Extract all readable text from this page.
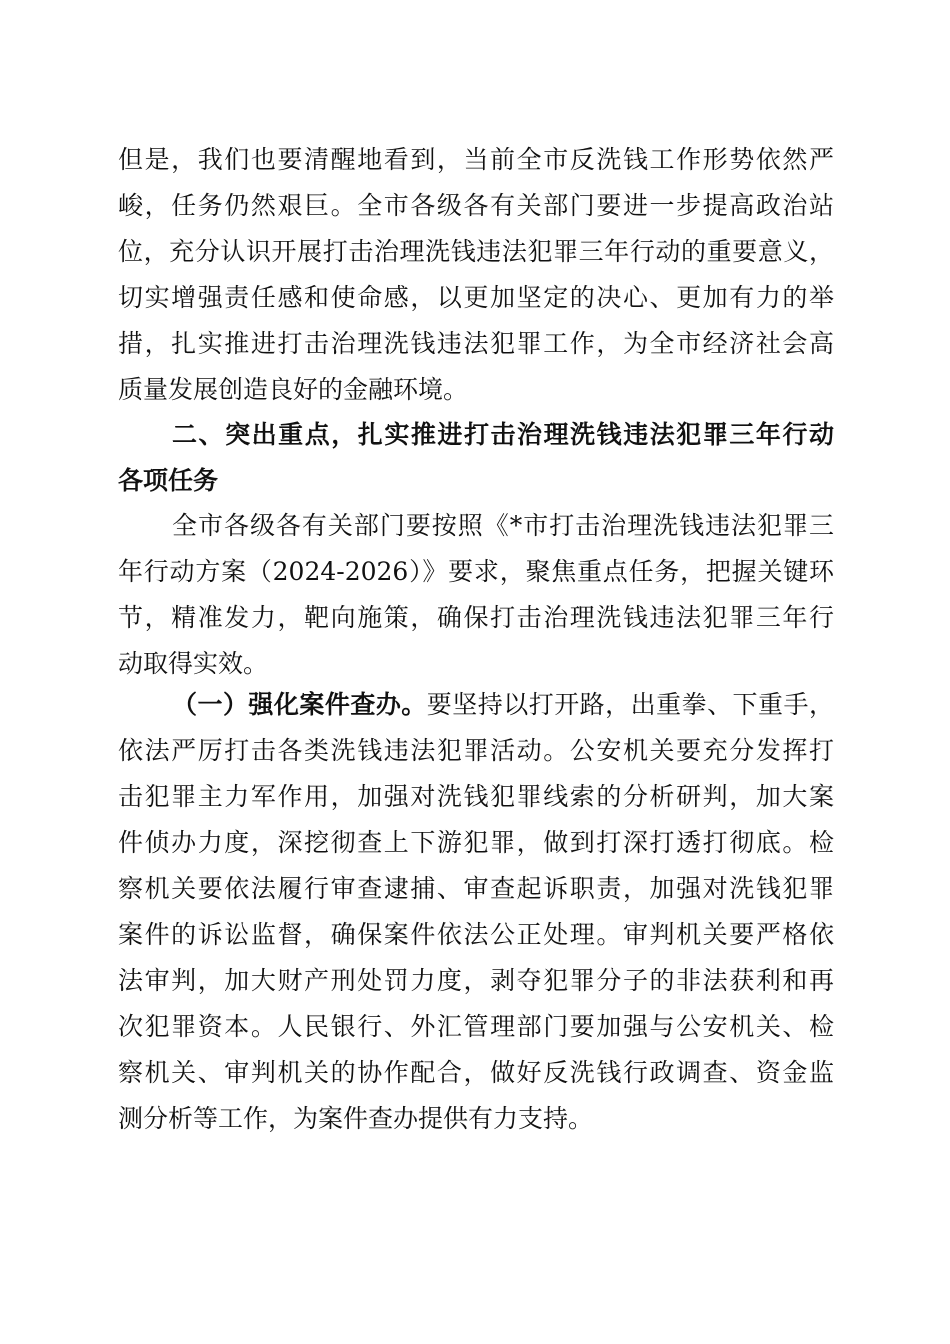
但是，我们也要清醒地看到，当前全市反洗钱工作形势依然严

峻，任务仍然艰巨。全市各级各有关部门要进一步提高政治站

位，充分认识开展打击治理洗钱违法犯罪三年行动的重要意义，

切实增强责任感和使命感，以更加坚定的决心、更加有力的举

措，扎实推进打击治理洗钱违法犯罪工作，为全市经济社会高

质量发展创造良好的金融环境。

二、突出重点，扎实推进打击治理洗钱违法犯罪三年行动

各项任务

全市各级各有关部门要按照《*市打击治理洗钱违法犯罪三

年行动方案（2024-2026）》要求，聚焦重点任务，把握关键环

节，精准发力，靶向施策，确保打击治理洗钱违法犯罪三年行

动取得实效。

（一）强化案件查办。要坚持以打开路，出重拳、下重手，

依法严厉打击各类洗钱违法犯罪活动。公安机关要充分发挥打

击犯罪主力军作用，加强对洗钱犯罪线索的分析研判，加大案

件侦办力度，深挖彻查上下游犯罪，做到打深打透打彻底。检

察机关要依法履行审查逮捕、审查起诉职责，加强对洗钱犯罪

案件的诉讼监督，确保案件依法公正处理。审判机关要严格依

法审判，加大财产刑处罚力度，剥夺犯罪分子的非法获利和再

次犯罪资本。人民银行、外汇管理部门要加强与公安机关、检

察机关、审判机关的协作配合，做好反洗钱行政调查、资金监

测分析等工作，为案件查办提供有力支持。
